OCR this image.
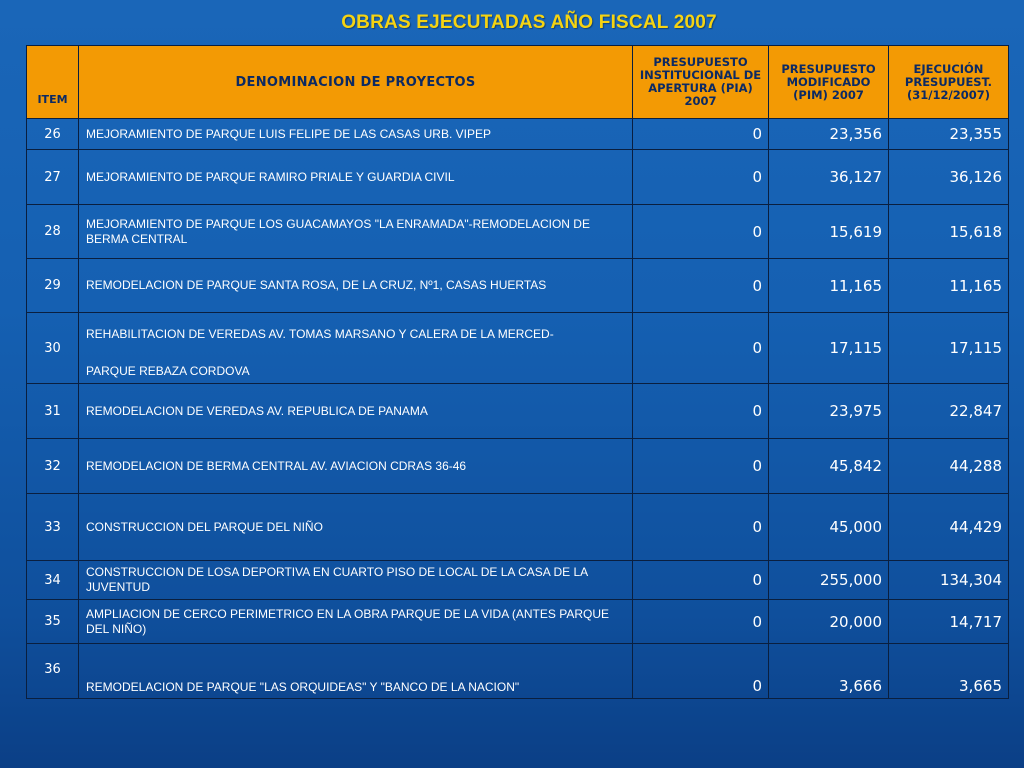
OBRAS EJECUTADAS AÑO FISCAL 2007
ITEM	DENOMINACION DE PROYECTOS	PRESUPUESTO INSTITUCIONAL DE APERTURA (PIA) 2007	PRESUPUESTO MODIFICADO (PIM) 2007	EJECUCIÓN PRESUPUEST. (31/12/2007)
26	MEJORAMIENTO DE PARQUE LUIS FELIPE DE LAS CASAS URB. VIPEP	0	23,356	23,355
27	MEJORAMIENTO DE PARQUE RAMIRO PRIALE Y GUARDIA CIVIL	0	36,127	36,126
28	MEJORAMIENTO DE PARQUE LOS GUACAMAYOS "LA ENRAMADA"-REMODELACION DE BERMA CENTRAL	0	15,619	15,618
29	REMODELACION DE PARQUE SANTA ROSA, DE LA CRUZ, Nº1, CASAS HUERTAS	0	11,165	11,165
30	REHABILITACION DE VEREDAS AV. TOMAS MARSANO Y CALERA DE LA MERCED-
PARQUE REBAZA CORDOVA	0	17,115	17,115
31	REMODELACION DE VEREDAS AV. REPUBLICA DE PANAMA	0	23,975	22,847
32	REMODELACION DE BERMA CENTRAL AV. AVIACION CDRAS 36-46	0	45,842	44,288
33	CONSTRUCCION DEL PARQUE DEL NIÑO	0	45,000	44,429
34	CONSTRUCCION DE LOSA DEPORTIVA EN CUARTO PISO DE LOCAL DE LA CASA DE LA JUVENTUD	0	255,000	134,304
35	AMPLIACION DE CERCO PERIMETRICO EN LA OBRA PARQUE DE LA VIDA (ANTES PARQUE DEL NIÑO)	0	20,000	14,717
36	REMODELACION DE PARQUE "LAS ORQUIDEAS" Y "BANCO DE LA NACION"	0	3,666	3,665
